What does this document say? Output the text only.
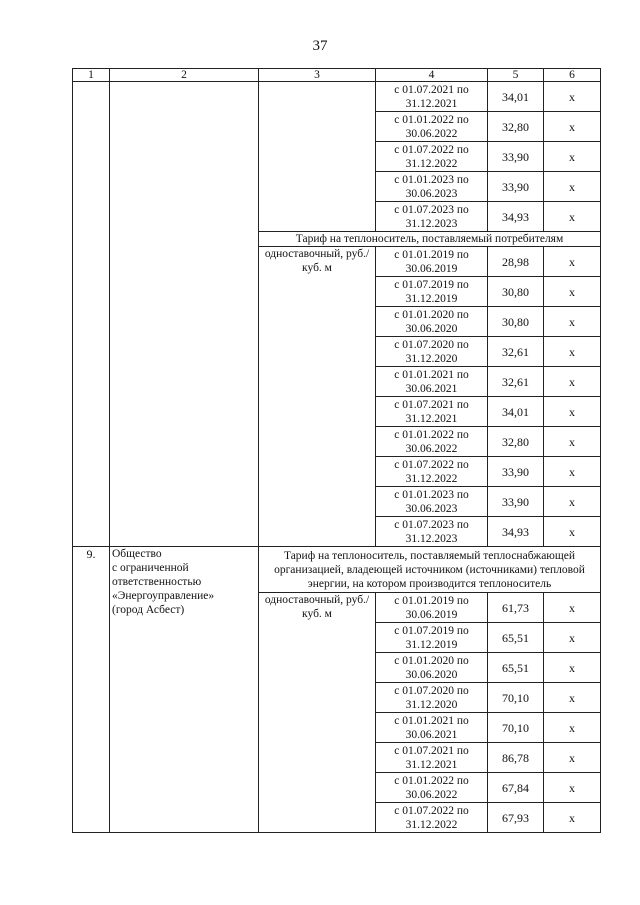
37
1	2	3	4	5	6
			с 01.07.2021 по 31.12.2021	34,01	x
			с 01.01.2022 по 30.06.2022	32,80	x
			с 01.07.2022 по 31.12.2022	33,90	x
			с 01.01.2023 по 30.06.2023	33,90	x
			с 01.07.2023 по 31.12.2023	34,93	x
		Тариф на теплоноситель, поставляемый потребителям			
		одноставочный, руб./куб. м	с 01.01.2019 по 30.06.2019	28,98	x
			с 01.07.2019 по 31.12.2019	30,80	x
			с 01.01.2020 по 30.06.2020	30,80	x
			с 01.07.2020 по 31.12.2020	32,61	x
			с 01.01.2021 по 30.06.2021	32,61	x
			с 01.07.2021 по 31.12.2021	34,01	x
			с 01.01.2022 по 30.06.2022	32,80	x
			с 01.07.2022 по 31.12.2022	33,90	x
			с 01.01.2023 по 30.06.2023	33,90	x
			с 01.07.2023 по 31.12.2023	34,93	x
9.	Общество
с ограниченной
ответственностью
«Энергоуправление»
(город Асбест)	Тариф на теплоноситель, поставляемый теплоснабжающей организацией, владеющей источником (источниками) тепловой энергии, на котором производится теплоноситель			
		одноставочный, руб./куб. м	с 01.01.2019 по 30.06.2019	61,73	x
			с 01.07.2019 по 31.12.2019	65,51	x
			с 01.01.2020 по 30.06.2020	65,51	x
			с 01.07.2020 по 31.12.2020	70,10	x
			с 01.01.2021 по 30.06.2021	70,10	x
			с 01.07.2021 по 31.12.2021	86,78	x
			с 01.01.2022 по 30.06.2022	67,84	x
			с 01.07.2022 по 31.12.2022	67,93	x
